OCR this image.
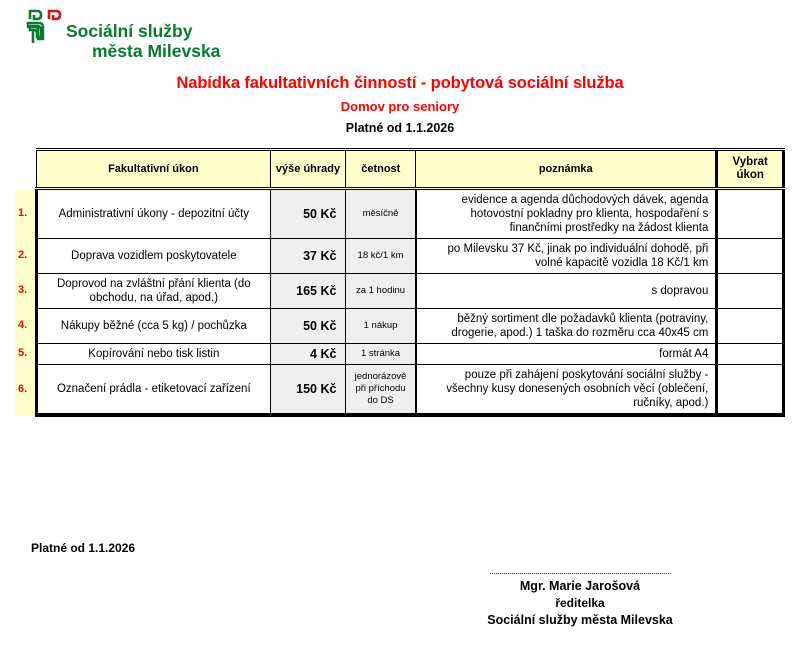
Sociální služby
města Milevska
Nabídka fakultativních činností - pobytová sociální služba
Domov pro seniory
Platné od 1.1.2026
	Fakultativní úkon	výše úhrady	četnost	poznámka	Vybrat úkon
1.	Administrativní úkony - depozitní účty	50 Kč	měsíčně	evidence a agenda důchodových dávek, agenda hotovostní pokladny pro klienta, hospodaření s finančními prostředky na žádost klienta	
2.	Doprava vozidlem poskytovatele	37 Kč	18 kč/1 km	po Milevsku 37 Kč, jinak po individuální dohodě, při volné kapacitě vozidla 18 Kč/1 km	
3.	Doprovod na zvláštní přání klienta (do obchodu, na úřad, apod.)	165 Kč	za 1 hodinu	s dopravou	
4.	Nákupy běžné (cca 5 kg) / pochůzka	50 Kč	1 nákup	běžný sortiment dle požadavků klienta (potraviny, drogerie, apod.) 1 taška do rozměru cca 40x45 cm	
5.	Kopírování nebo tisk listin	4 Kč	1 stránka	formát A4	
6.	Označení prádla - etiketovací zařízení	150 Kč	jednorázově při příchodu do DS	pouze při zahájení poskytování sociální služby - všechny kusy donesených osobních věcí (oblečení, ručníky, apod.)	
Platné od 1.1.2026
...........................................................................................
Mgr. Marie Jarošová
ředitelka
Sociální služby města Milevska
